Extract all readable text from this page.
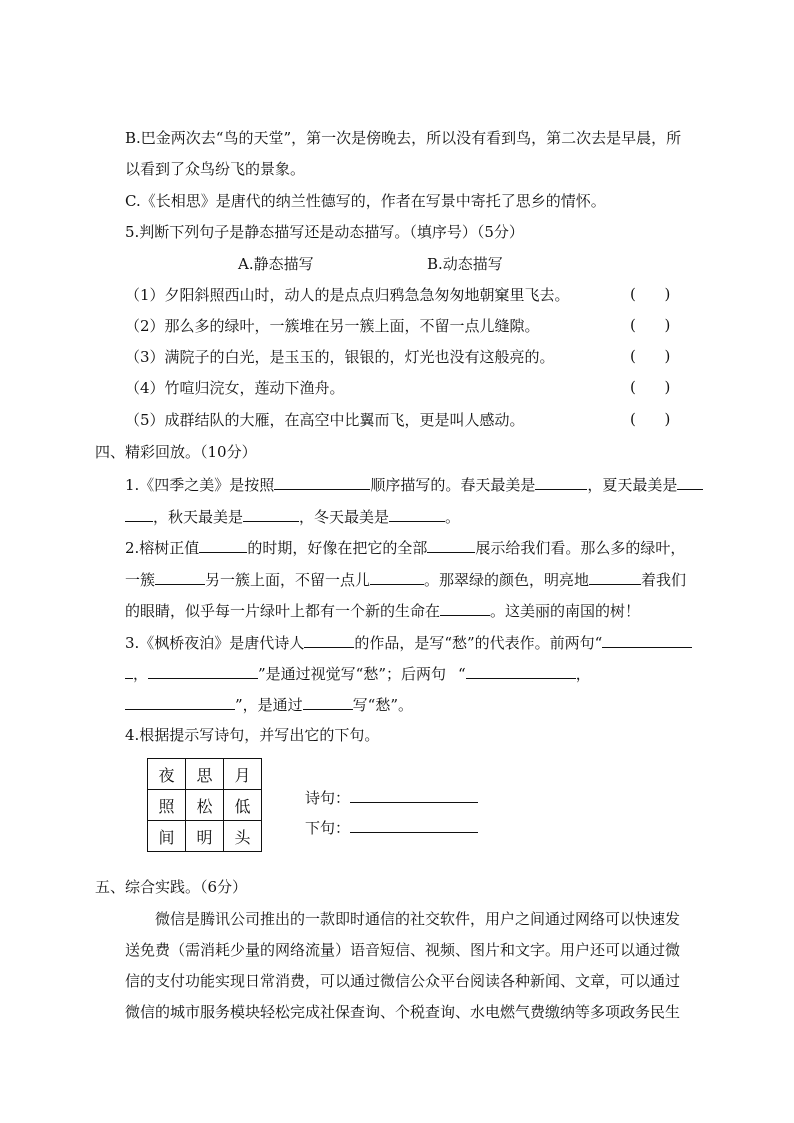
B.巴金两次去“鸟的天堂”，第一次是傍晚去，所以没有看到鸟，第二次去是早晨，所
以看到了众鸟纷飞的景象。
C.《长相思》是唐代的纳兰性德写的，作者在写景中寄托了思乡的情怀。
5.判断下列句子是静态描写还是动态描写。（填序号）（5分）
A.静态描写	B.动态描写
（1）夕阳斜照西山时，动人的是点点归鸦急急匆匆地朝窠里飞去。	(      )
（2）那么多的绿叶，一簇堆在另一簇上面，不留一点儿缝隙。	(      )
（3）满院子的白光，是玉玉的，银银的，灯光也没有这般亮的。	(      )
（4）竹喧归浣女，莲动下渔舟。	(      )
（5）成群结队的大雁，在高空中比翼而飞，更是叫人感动。	(      )
四、精彩回放。（10分）
1.《四季之美》是按照	顺序描写的。春天最美是	，夏天最美是
，秋天最美是	，冬天最美是	。
2.榕树正值	的时期，好像在把它的全部	展示给我们看。那么多的绿叶，
一簇	另一簇上面，不留一点儿	。那翠绿的颜色，明亮地	着我们
的眼睛，似乎每一片绿叶上都有一个新的生命在	。这美丽的南国的树！
3.《枫桥夜泊》是唐代诗人	的作品，是写“愁”的代表作。前两句“
，	”是通过视觉写“愁”；后两句 “	，
”，是通过	写“愁”。
4.根据提示写诗句，并写出它的下句。
夜	思	月
照	松	低
间	明	头
诗句：
下句：
五、综合实践。（6分）
微信是腾讯公司推出的一款即时通信的社交软件，用户之间通过网络可以快速发
送免费（需消耗少量的网络流量）语音短信、视频、图片和文字。用户还可以通过微
信的支付功能实现日常消费，可以通过微信公众平台阅读各种新闻、文章，可以通过
微信的城市服务模块轻松完成社保查询、个税查询、水电燃气费缴纳等多项政务民生
